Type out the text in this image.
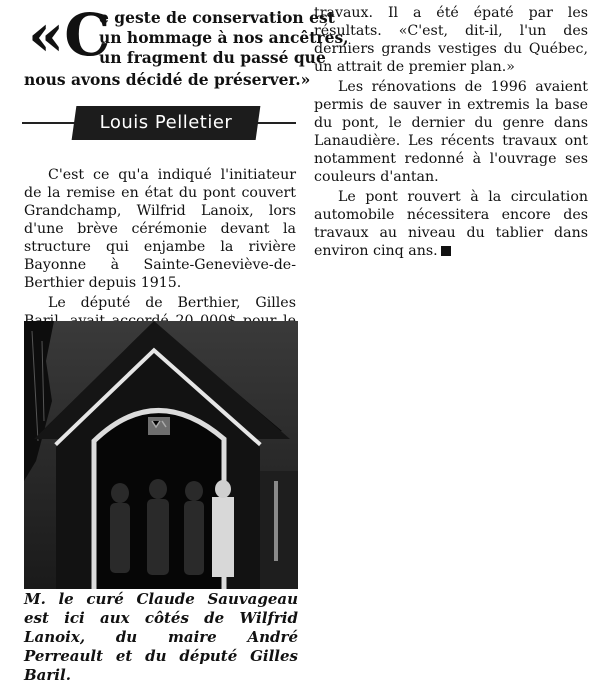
«C
e geste de conservation est
un hommage à nos ancêtres,
un fragment du passé que
nous avons décidé de préserver.»
Louis Pelletier

C'est ce qu'a indiqué l'initiateur de la remise en état du pont couvert Grandchamp, Wilfrid Lanoix, lors d'une brève cérémonie devant la structure qui enjambe la rivière Bayonne à Sainte-Geneviève-de-Berthier depuis 1915.

Le député de Berthier, Gilles

M. le curé Claude Sauvageau est ici aux côtés de Wilfrid Lanoix, du maire André Perreault et du député Gilles Baril.

travaux. Il a été épaté par les résultats. «C'est, dit-il, l'un des derniers grands vestiges du Québec, un attrait de premier plan.»

Les rénovations de 1996 avaient permis de sauver in extremis la base du pont, le dernier du genre dans Lanaudière. Les récents travaux ont notamment redonné à l'ouvrage ses couleurs d'antan.

Le pont rouvert à la circulation automobile nécessitera encore des travaux au niveau du tablier dans environ cinq ans.
